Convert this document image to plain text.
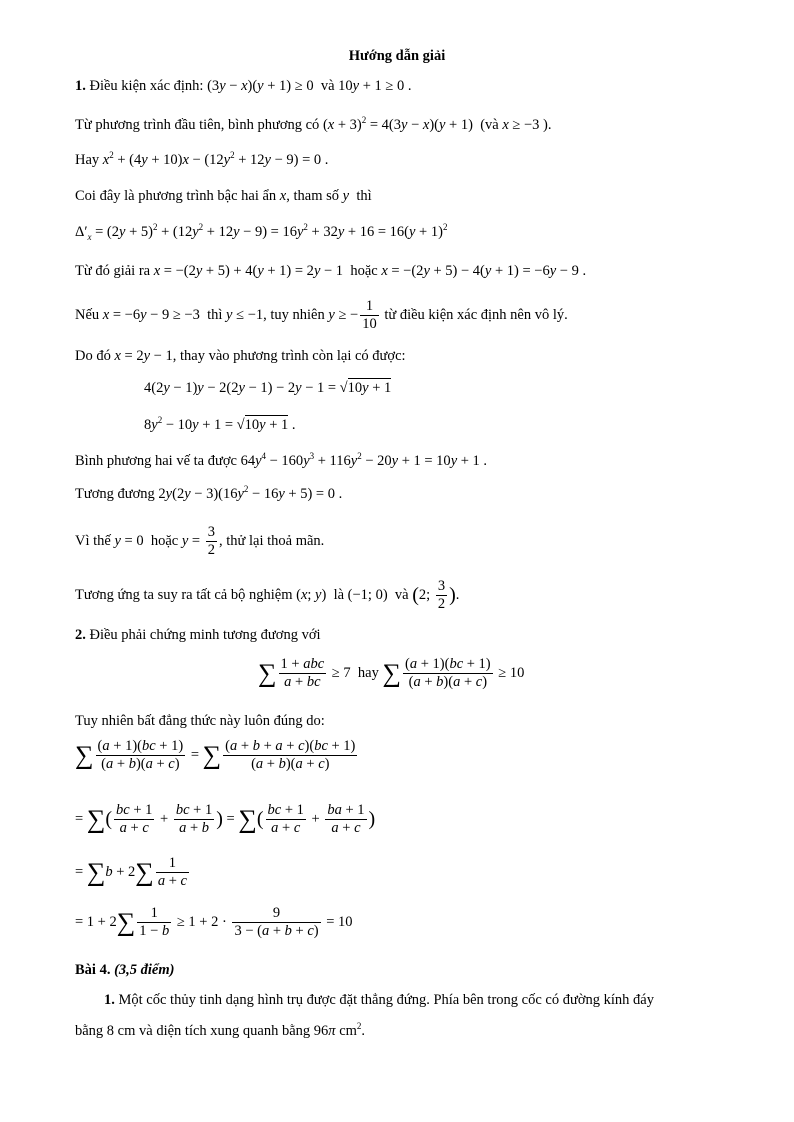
Hướng dẫn giải
1. Điều kiện xác định: (3y − x)(y + 1) ≥ 0  và 10y + 1 ≥ 0 .
Từ phương trình đầu tiên, bình phương có $(x + 3)^2 = 4(3y - x)(y + 1)$  (và x ≥ −3 ).
Hay $x^2 + (4y + 10)x - (12y^2 + 12y - 9) = 0$ .
Coi đây là phương trình bậc hai ẩn x, tham số y thì
$\Delta'_x = (2y + 5)^2 + (12y^2 + 12y - 9) = 16y^2 + 32y + 16 = 16(y + 1)^2$
Từ đó giải ra x = −(2y + 5) + 4(y + 1) = 2y − 1  hoặc x = −(2y + 5) − 4(y + 1) = −6y − 9 .
Nếu x = −6y − 9 ≥ −3  thì y ≤ −1, tuy nhiên y ≥ − $\frac{1}{10}$ từ điều kiện xác định nên vô lý.
Do đó x = 2y − 1, thay vào phương trình còn lại có được:
4(2y − 1)y − 2(2y − 1) − 2y − 1 = √10y + 1
$8y^2 - 10y + 1 = √10y + 1$ .
Bình phương hai vế ta được $64y^4 - 160y^3 + 116y^2 - 20y + 1 = 10y + 1$ .
Tương đương $2y(2y - 3)(16y^2 - 16y + 5) = 0$ .
Vì thế y = 0  hoặc $y = \frac{3}{2}$ , thử lại thoả mãn.
Tương ứng ta suy ra tất cả bộ nghiệm (x; y)  là (−1; 0)  và (2; $\frac{3}{2}$ ).
2. Điều phải chứng minh tương đương với
∑ $\frac{\text{1 + abc}}{a + bc} \ge 7$  hay ∑ $\frac{(a + 1)(bc + 1)}{(a + b)(a + c)} \ge 10$
Tuy nhiên bất đẳng thức này luôn đúng do:
∑ $\frac{(a + 1)(bc + 1)}{(a + b)(a + c)}$ = ∑ $\frac{(a + b + a + c)(bc + 1)}{(a + b)(a + c)}$
= ∑( $\frac{bc + 1}{a + c} + \frac{bc + 1}{a + b}$ ) = ∑( $\frac{bc + 1}{a + c} + \frac{ba + 1}{a + c}$ )
= $\sum b + 2\sum \frac{1}{a + c}$
= $1 + 2\sum \frac{1}{1 - b} \ge 1 + 2 \cdot \frac{9}{3 - (a + b + c)} = 10$
Bài 4. (3,5 điểm)
1. Một cốc thủy tinh dạng hình trụ được đặt thẳng đứng. Phía bên trong cốc có đường kính đáy
bằng 8 cm và diện tích xung quanh bằng 96π $cm^2$.
